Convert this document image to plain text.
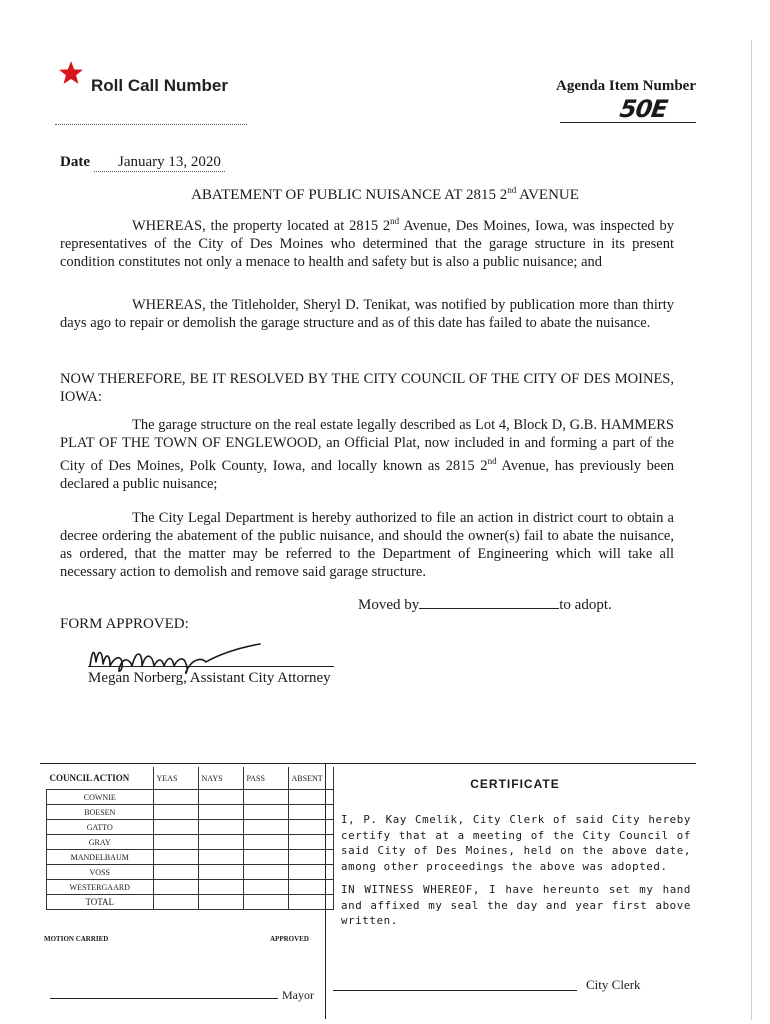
Roll Call Number	Agenda Item Number
50E
Date January 13, 2020
ABATEMENT OF PUBLIC NUISANCE AT 2815 2nd AVENUE

WHEREAS, the property located at 2815 2nd Avenue, Des Moines, Iowa, was inspected by representatives of the City of Des Moines who determined that the garage structure in its present condition constitutes not only a menace to health and safety but is also a public nuisance; and

WHEREAS, the Titleholder, Sheryl D. Tenikat, was notified by publication more than thirty days ago to repair or demolish the garage structure and as of this date has failed to abate the nuisance.

NOW THEREFORE, BE IT RESOLVED BY THE CITY COUNCIL OF THE CITY OF DES MOINES, IOWA:

The garage structure on the real estate legally described as Lot 4, Block D, G.B. HAMMERS PLAT OF THE TOWN OF ENGLEWOOD, an Official Plat, now included in and forming a part of the City of Des Moines, Polk County, Iowa, and locally known as 2815 2nd Avenue, has previously been declared a public nuisance;

The City Legal Department is hereby authorized to file an action in district court to obtain a decree ordering the abatement of the public nuisance, and should the owner(s) fail to abate the nuisance, as ordered, that the matter may be referred to the Department of Engineering which will take all necessary action to demolish and remove said garage structure.

Moved by	to adopt.
FORM APPROVED:
Megan Norberg, Assistant City Attorney
COUNCIL ACTION	YEAS	NAYS	PASS	ABSENT
COWNIE				
BOESEN				
GATTO				
GRAY				
MANDELBAUM				
VOSS				
WESTERGAARD				
TOTAL				
MOTION CARRIED	APPROVED
Mayor
CERTIFICATE

I, P. Kay Cmelik, City Clerk of said City hereby certify that at a meeting of the City Council of said City of Des Moines, held on the above date, among other proceedings the above was adopted.

IN WITNESS WHEREOF, I have hereunto set my hand and affixed my seal the day and year first above written.

City Clerk
